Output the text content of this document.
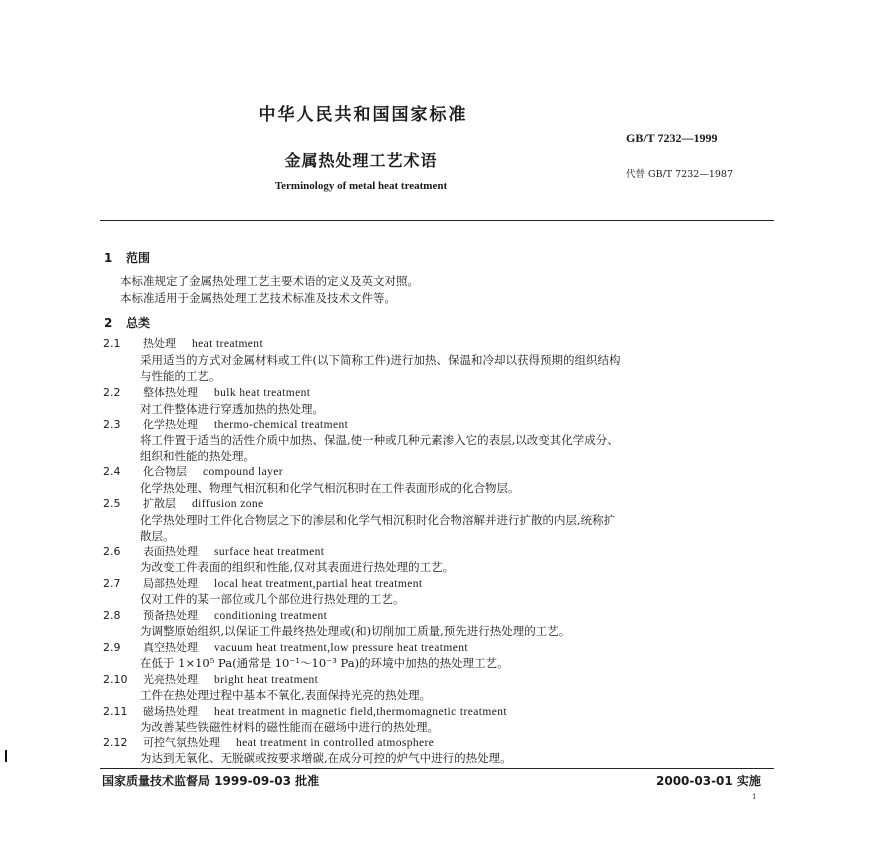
中华人民共和国国家标准
GB/T 7232—1999
金属热处理工艺术语
代替 GB/T 7232—1987
Terminology of metal heat treatment
1 范围
本标准规定了金属热处理工艺主要术语的定义及英文对照。
本标准适用于金属热处理工艺技术标准及技术文件等。
2 总类
2.1 热处理 heat treatment
采用适当的方式对金属材料或工件(以下简称工件)进行加热、保温和冷却以获得预期的组织结构
与性能的工艺。
2.2 整体热处理 bulk heat treatment
对工件整体进行穿透加热的热处理。
2.3 化学热处理 thermo-chemical treatment
将工件置于适当的活性介质中加热、保温,使一种或几种元素渗入它的表层,以改变其化学成分、
组织和性能的热处理。
2.4 化合物层 compound layer
化学热处理、物理气相沉积和化学气相沉积时在工件表面形成的化合物层。
2.5 扩散层 diffusion zone
化学热处理时工件化合物层之下的渗层和化学气相沉积时化合物溶解并进行扩散的内层,统称扩
散层。
2.6 表面热处理 surface heat treatment
为改变工件表面的组织和性能,仅对其表面进行热处理的工艺。
2.7 局部热处理 local heat treatment,partial heat treatment
仅对工件的某一部位或几个部位进行热处理的工艺。
2.8 预备热处理 conditioning treatment
为调整原始组织,以保证工件最终热处理或(和)切削加工质量,预先进行热处理的工艺。
2.9 真空热处理 vacuum heat treatment,low pressure heat treatment
在低于 1×10⁵ Pa(通常是 10⁻¹～10⁻³ Pa)的环境中加热的热处理工艺。
2.10 光亮热处理 bright heat treatment
工件在热处理过程中基本不氧化,表面保持光亮的热处理。
2.11 磁场热处理 heat treatment in magnetic field,thermomagnetic treatment
为改善某些铁磁性材料的磁性能而在磁场中进行的热处理。
2.12 可控气氛热处理 heat treatment in controlled atmosphere
为达到无氧化、无脱碳或按要求增碳,在成分可控的炉气中进行的热处理。
国家质量技术监督局 1999-09-03 批准	2000-03-01 实施
1
